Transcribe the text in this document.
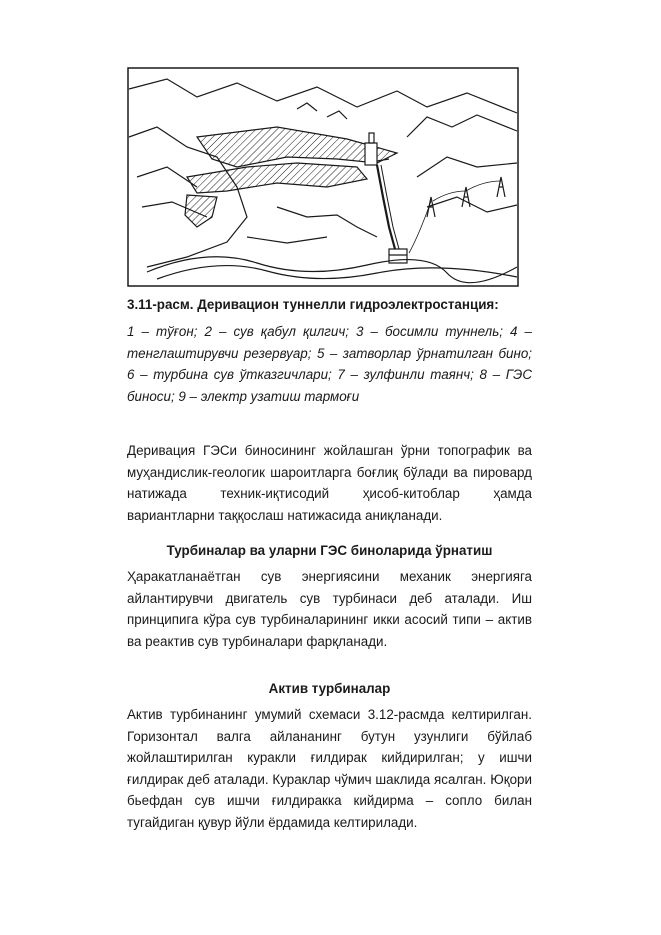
3.11-расм. Деривацион туннелли гидроэлектростанция:
1 – тўғон; 2 – сув қабул қилгич; 3 – босимли туннель; 4 – тенглаштирувчи резервуар; 5 – затворлар ўрнатилган бино; 6 – турбина сув ўтказгичлари; 7 – зулфинли таянч; 8 – ГЭС биноси; 9 – электр узатиш тармоғи
Деривация ГЭСи биносининг жойлашган ўрни топографик ва муҳандислик-геологик шароитларга боғлиқ бўлади ва пировард натижада техник-иқтисодий ҳисоб-китоблар ҳамда вариантларни таққослаш натижасида аниқланади.
Турбиналар ва уларни ГЭС биноларида ўрнатиш
Ҳаракатланаётган сув энергиясини механик энергияга айлантирувчи двигатель сув турбинаси деб аталади. Иш принципига кўра сув турбиналарининг икки асосий типи – актив ва реактив сув турбиналари фарқланади.
Актив турбиналар
Актив турбинанинг умумий схемаси 3.12-расмда келтирилган. Горизонтал валга айлананинг бутун узунлиги бўйлаб жойлаштирилган куракли ғилдирак кийдирилган; у ишчи ғилдирак деб аталади. Кураклар чўмич шаклида ясалган. Юқори бьефдан сув ишчи ғилдиракка кийдирма – сопло билан тугайдиган қувур йўли ёрдамида келтирилади.
